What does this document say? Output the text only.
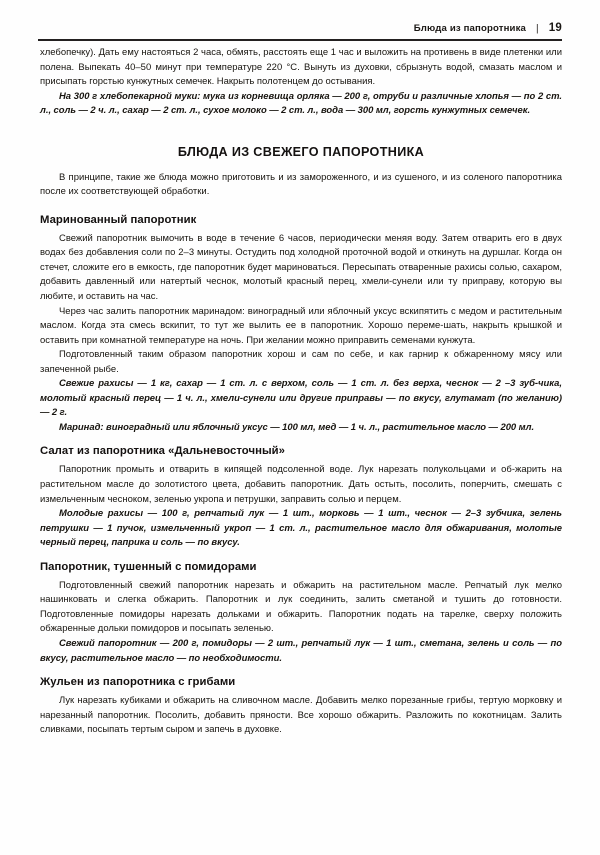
Блюда из папоротника | 19

хлебопечку). Дать ему настояться 2 часа, обмять, расстоять еще 1 час и выложить на противень в виде плетенки или полена. Выпекать 40–50 минут при температуре 220 °С. Вынуть из духовки, сбрызнуть водой, смазать маслом и присыпать горстью кунжутных семечек. Накрыть полотенцем до остывания.

На 300 г хлебопекарной муки: мука из корневища орляка — 200 г, отруби и различные хлопья — по 2 ст. л., соль — 2 ч. л., сахар — 2 ст. л., сухое молоко — 2 ст. л., вода — 300 мл, горсть кунжутных семечек.

БЛЮДА ИЗ СВЕЖЕГО ПАПОРОТНИКА

В принципе, такие же блюда можно приготовить и из замороженного, и из сушеного, и из соленого папоротника после их соответствующей обработки.

Маринованный папоротник

Свежий папоротник вымочить в воде в течение 6 часов, периодически меняя воду. Затем отварить его в двух водах без добавления соли по 2–3 минуты. Остудить под холодной проточной водой и откинуть на дуршлаг. Когда он стечет, сложите его в емкость, где папоротник будет мариноваться. Пересыпать отваренные рахисы солью, сахаром, добавить давленный или натертый чеснок, молотый красный перец, хмели-сунели или ту приправу, которую вы любите, и оставить на час.

Через час залить папоротник маринадом: виноградный или яблочный уксус вскипятить с медом и растительным маслом. Когда эта смесь вскипит, то тут же вылить ее в папоротник. Хорошо переме-шать, накрыть крышкой и оставить при комнатной температуре на ночь. При желании можно приправить семенами кунжута.

Подготовленный таким образом папоротник хорош и сам по себе, и как гарнир к обжаренному мясу или запеченной рыбе.

Свежие рахисы — 1 кг, сахар — 1 ст. л. с верхом, соль — 1 ст. л. без верха, чеснок — 2 –3 зуб-чика, молотый красный перец — 1 ч. л., хмели-сунели или другие приправы — по вкусу, глутамат (по желанию) — 2 г.

Маринад: виноградный или яблочный уксус — 100 мл, мед — 1 ч. л., растительное масло — 200 мл.

Салат из папоротника «Дальневосточный»

Папоротник промыть и отварить в кипящей подсоленной воде. Лук нарезать полукольцами и об-жарить на растительном масле до золотистого цвета, добавить папоротник. Дать остыть, посолить, поперчить, смешать с измельченным чесноком, зеленью укропа и петрушки, заправить солью и перцем.

Молодые рахисы — 100 г, репчатый лук — 1 шт., морковь — 1 шт., чеснок — 2–3 зубчика, зелень петрушки — 1 пучок, измельченный укроп — 1 ст. л., растительное масло для обжаривания, молотые черный перец, паприка и соль — по вкусу.

Папоротник, тушенный с помидорами

Подготовленный свежий папоротник нарезать и обжарить на растительном масле. Репчатый лук мелко нашинковать и слегка обжарить. Папоротник и лук соединить, залить сметаной и тушить до готовности. Подготовленные помидоры нарезать дольками и обжарить. Папоротник подать на тарелке, сверху положить обжаренные дольки помидоров и посыпать зеленью.

Свежий папоротник — 200 г, помидоры — 2 шт., репчатый лук — 1 шт., сметана, зелень и соль — по вкусу, растительное масло — по необходимости.

Жульен из папоротника с грибами

Лук нарезать кубиками и обжарить на сливочном масле. Добавить мелко порезанные грибы, тертую морковку и нарезанный папоротник. Посолить, добавить пряности. Все хорошо обжарить. Разложить по кокотницам. Залить сливками, посыпать тертым сыром и запечь в духовке.
